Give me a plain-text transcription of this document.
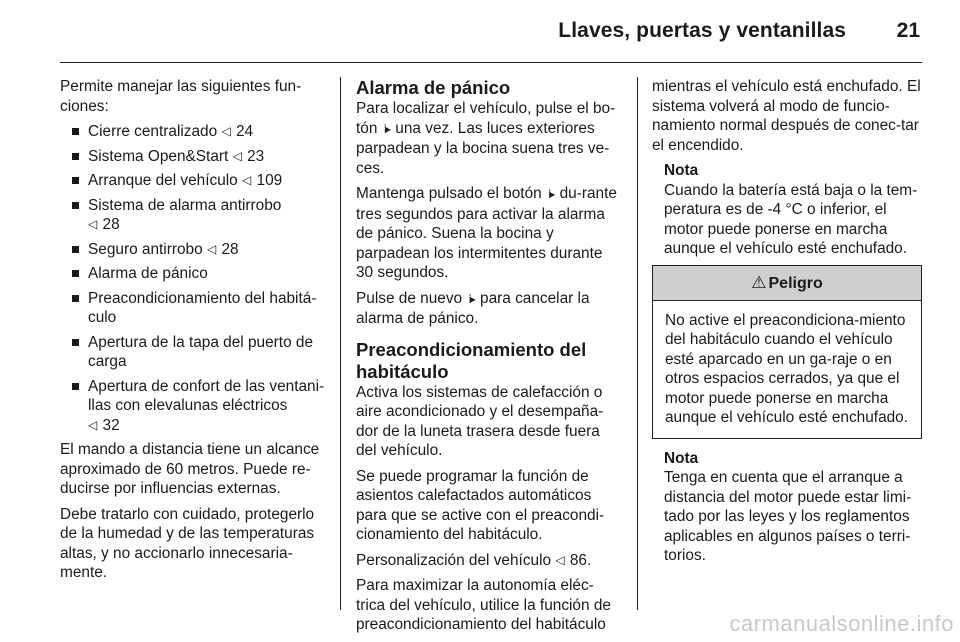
Llaves, puertas y ventanillas 21

Permite manejar las siguientes fun-ciones:

Cierre centralizado ◁ 24
Sistema Open&Start ◁ 23
Arranque del vehículo ◁ 109
Sistema de alarma antirrobo
◁ 28
Seguro antirrobo ◁ 28
Alarma de pánico
Preacondicionamiento del habitá-culo
Apertura de la tapa del puerto de carga
Apertura de confort de las ventani-llas con elevalunas eléctricos
◁ 32

El mando a distancia tiene un alcance aproximado de 60 metros. Puede re-ducirse por influencias externas.

Debe tratarlo con cuidado, protegerlo de la humedad y de las temperaturas altas, y no accionarlo innecesaria-mente.

Alarma de pánico

Para localizar el vehículo, pulse el bo-tón ⁞▸ una vez. Las luces exteriores parpadean y la bocina suena tres ve-ces.

Mantenga pulsado el botón ⁞▸ du-rante tres segundos para activar la alarma de pánico. Suena la bocina y parpadean los intermitentes durante 30 segundos.

Pulse de nuevo ⁞▸ para cancelar la alarma de pánico.

Preacondicionamiento del habitáculo

Activa los sistemas de calefacción o aire acondicionado y el desempaña-dor de la luneta trasera desde fuera del vehículo.

Se puede programar la función de asientos calefactados automáticos para que se active con el preacondi-cionamiento del habitáculo.

Personalización del vehículo ◁ 86.

Para maximizar la autonomía eléc-trica del vehículo, utilice la función de preacondicionamiento del habitáculo

mientras el vehículo está enchufado. El sistema volverá al modo de funcio-namiento normal después de conec-tar el encendido.

Nota
Cuando la batería está baja o la tem-peratura es de -4 °C o inferior, el motor puede ponerse en marcha aunque el vehículo esté enchufado.
⚠ Peligro
No active el preacondiciona-miento del habitáculo cuando el vehículo esté aparcado en un ga-raje o en otros espacios cerrados, ya que el motor puede ponerse en marcha aunque el vehículo esté enchufado.
Nota
Tenga en cuenta que el arranque a distancia del motor puede estar limi-tado por las leyes y los reglamentos aplicables en algunos países o terri-torios.
carmanualsonline.info
